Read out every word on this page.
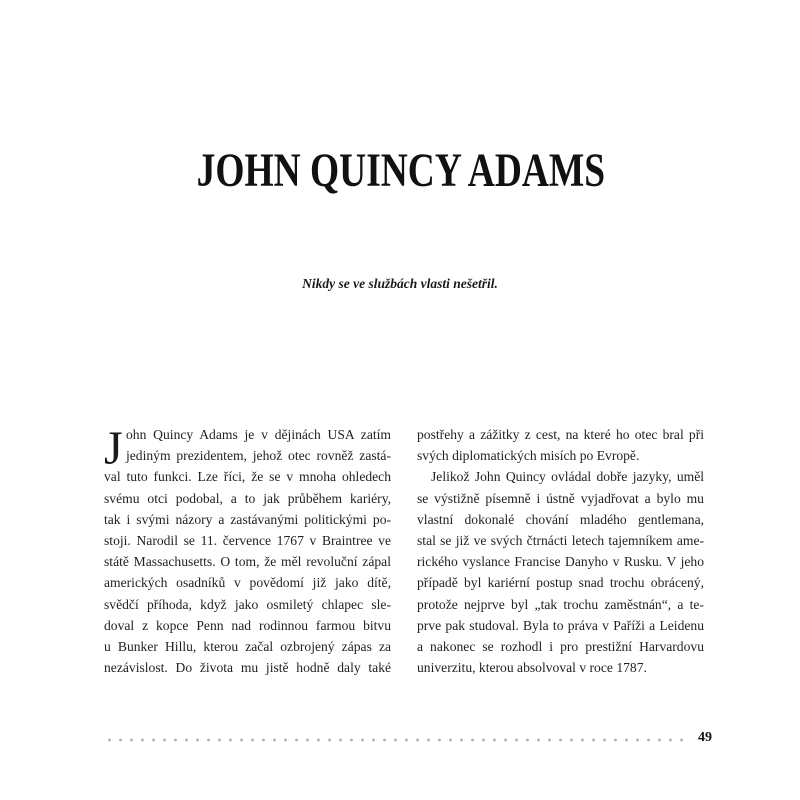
JOHN QUINCY ADAMS
Nikdy se ve službách vlasti nešetřil.
J ohn Quincy Adams je v dějinách USA zatím
jediným prezidentem, jehož otec rovněž zastá-
val tuto funkci. Lze říci, že se v mnoha ohledech
svému otci podobal, a to jak průběhem kariéry,
tak i svými názory a zastávanými politickými po-
stoji. Narodil se 11. července 1767 v Braintree ve
státě Massachusetts. O tom, že měl revoluční zápal
amerických osadníků v povědomí již jako dítě,
svědčí příhoda, když jako osmiletý chlapec sle-
doval z kopce Penn nad rodinnou farmou bitvu
u Bunker Hillu, kterou začal ozbrojený zápas za
nezávislost. Do života mu jistě hodně daly také
postřehy a zážitky z cest, na které ho otec bral při
svých diplomatických misích po Evropě.
Jelikož John Quincy ovládal dobře jazyky, uměl
se výstižně písemně i ústně vyjadřovat a bylo mu
vlastní dokonalé chování mladého gentlemana,
stal se již ve svých čtrnácti letech tajemníkem ame-
rického vyslance Francise Danyho v Rusku. V jeho
případě byl kariérní postup snad trochu obrácený,
protože nejprve byl „tak trochu zaměstnán“, a te-
prve pak studoval. Byla to práva v Paříži a Leidenu
a nakonec se rozhodl i pro prestižní Harvardovu
univerzitu, kterou absolvoval v roce 1787.
49
